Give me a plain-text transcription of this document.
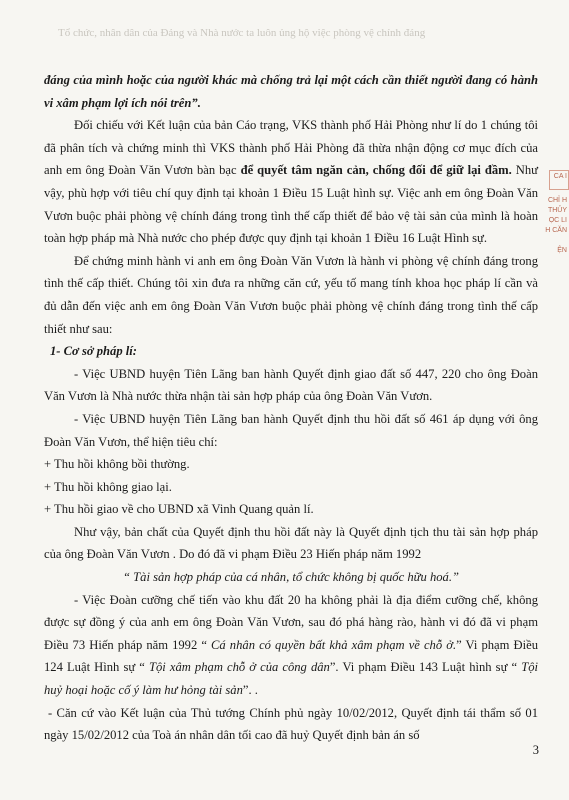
Tổ chức, nhân dân của Đảng và Nhà nước ta luôn ủng hộ việc phòng vệ chính đáng
CA I
CHỈ H
THỦY
ỌC LI
H CĂN
ỆN

đáng của mình hoặc của người khác mà chống trả lại một cách cần thiết người đang có hành vi xâm phạm lợi ích nói trên”.

Đối chiếu với Kết luận của bản Cáo trạng, VKS thành phố Hải Phòng như lí do 1 chúng tôi đã phân tích và chứng minh thì VKS thành phố Hải Phòng đã thừa nhận động cơ mục đích của anh em ông Đoàn Văn Vươn bàn bạc để quyết tâm ngăn cản, chống đối để giữ lại đầm. Như vậy, phù hợp với tiêu chí quy định tại khoản 1 Điều 15 Luật hình sự. Việc anh em ông Đoàn Văn Vươn buộc phải phòng vệ chính đáng trong tình thế cấp thiết để bảo vệ tài sản của mình là hoàn toàn hợp pháp mà Nhà nước cho phép được quy định tại khoản 1 Điều 16 Luật Hình sự.

Để chứng minh hành vi anh em ông Đoàn Văn Vươn là hành vi phòng vệ chính đáng trong tình thế cấp thiết. Chúng tôi xin đưa ra những căn cứ, yếu tố mang tính khoa học pháp lí cần và đủ dẫn đến việc anh em ông Đoàn Văn Vươn buộc phải phòng vệ chính đáng trong tình thế cấp thiết như sau:

1- Cơ sở pháp lí:

- Việc UBND huyện Tiên Lãng ban hành Quyết định giao đất số 447, 220 cho ông Đoàn Văn Vươn là Nhà nước thừa nhận tài sản hợp pháp của ông Đoàn Văn Vươn.

- Việc UBND huyện Tiên Lãng ban hành Quyết định thu hồi đất số 461 áp dụng với ông Đoàn Văn Vươn, thể hiện tiêu chí:

+ Thu hồi không bồi thường.

+ Thu hồi không giao lại.

+ Thu hồi giao về cho UBND xã Vinh Quang quản lí.

Như vậy, bản chất của Quyết định thu hồi đất này là Quyết định tịch thu tài sản hợp pháp của ông Đoàn Văn Vươn . Do đó đã vi phạm Điều 23 Hiến pháp năm 1992

“ Tài sản hợp pháp của cá nhân, tổ chức không bị quốc hữu hoá.”

- Việc Đoàn cưỡng chế tiến vào khu đất 20 ha không phải là địa điểm cưỡng chế, không được sự đồng ý của anh em ông Đoàn Văn Vươn, sau đó phá hàng rào, hành vi đó đã vi phạm Điều 73 Hiến pháp năm 1992 “ Cá nhân có quyền bất khả xâm phạm về chỗ ở.” Vi phạm Điều 124 Luật Hình sự “ Tội xâm phạm chỗ ở của công dân”. Vi phạm Điều 143 Luật hình sự “ Tội huỷ hoại hoặc cố ý làm hư hỏng tài sản”. .

- Căn cứ vào Kết luận của Thủ tướng Chính phủ ngày 10/02/2012, Quyết định tái thẩm số 01 ngày 15/02/2012 của Toà án nhân dân tối cao đã huỷ Quyết định bản án số

3
